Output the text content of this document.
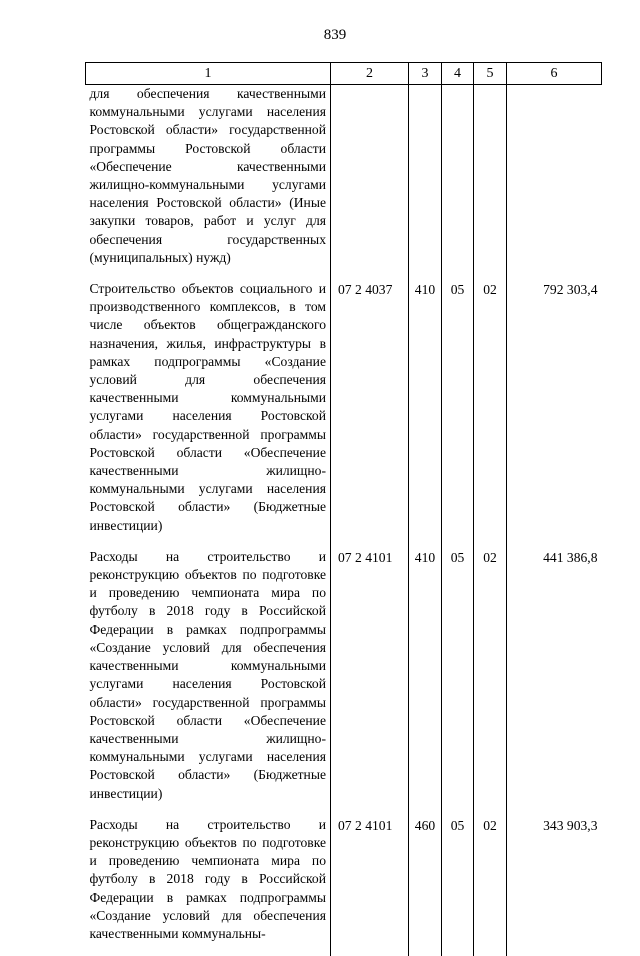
839
1	2	3	4	5	6
для обеспечения качественными коммунальными услугами населения Ростовской области» государственной программы Ростовской области «Обеспечение качественными жилищно-коммунальными услугами населения Ростовской области» (Иные закупки товаров, работ и услуг для обеспечения государственных (муниципальных) нужд)					
Строительство объектов социального и производственного комплексов, в том числе объектов общегражданского назначения, жилья, инфраструктуры в рамках подпрограммы «Создание условий для обеспечения качественными коммунальными услугами населения Ростовской области» государственной программы Ростовской области «Обеспечение качественными жилищно-коммунальными услугами населения Ростовской области» (Бюджетные инвестиции)	07 2 4037	410	05	02	792 303,4
Расходы на строительство и реконструкцию объектов по подготовке и проведению чемпионата мира по футболу в 2018 году в Российской Федерации в рамках подпрограммы «Создание условий для обеспечения качественными коммунальными услугами населения Ростовской области» государственной программы Ростовской области «Обеспечение качественными жилищно-коммунальными услугами населения Ростовской области» (Бюджетные инвестиции)	07 2 4101	410	05	02	441 386,8
Расходы на строительство и реконструкцию объектов по подготовке и проведению чемпионата мира по футболу в 2018 году в Российской Федерации в рамках подпрограммы «Создание условий для обеспечения качественными коммунальны-	07 2 4101	460	05	02	343 903,3
